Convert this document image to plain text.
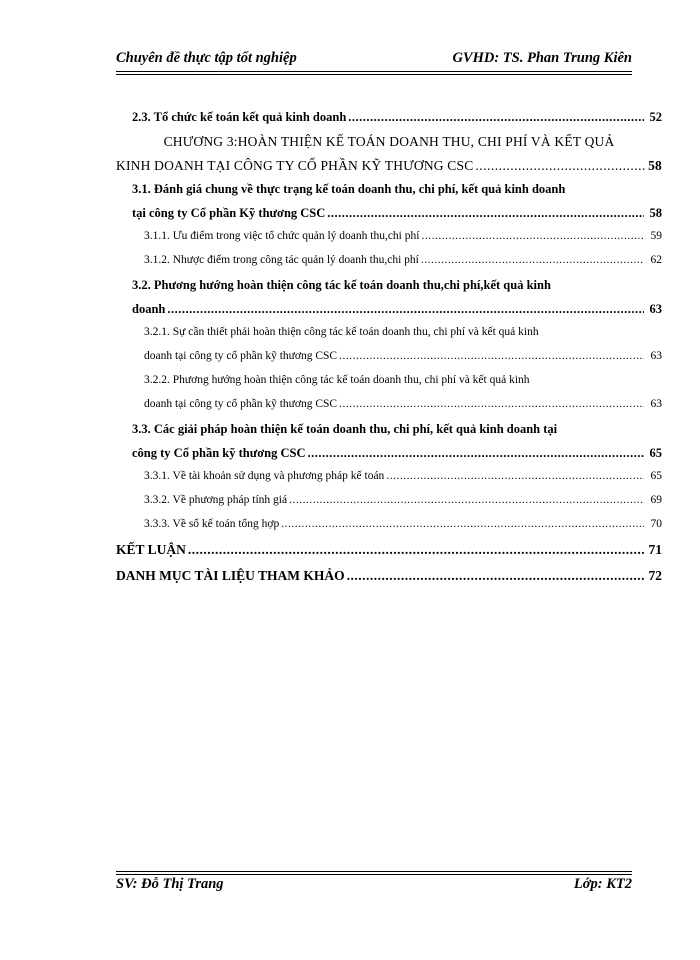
Chuyên đề thực tập tốt nghiệp	GVHD: TS. Phan Trung Kiên
2.3. Tổ chức kế toán kết quả kinh doanh .....	52
CHƯƠNG 3:HOÀN THIỆN KẾ TOÁN DOANH THU, CHI PHÍ VÀ KẾT QUẢ
KINH DOANH TẠI CÔNG TY CỔ PHẦN KỸ THƯƠNG CSC .....	58
3.1. Đánh giá chung về thực trạng kế toán doanh thu, chi phí, kết quả kinh doanh
tại công ty Cổ phần Kỹ thương CSC .....	58
3.1.1. Ưu điểm trong việc tổ chức quản lý doanh thu,chi phí .....	59
3.1.2. Nhược điểm trong công tác quản lý doanh thu,chi phí .....	62
3.2. Phương hướng hoàn thiện công tác kế toán doanh thu,chi phí,kết quả kinh
doanh .....	63
3.2.1. Sự cần thiết phải hoàn thiện công tác kế toán doanh thu, chi phí và kết quả kinh
doanh tại công ty cổ phần kỹ thương CSC .....	63
3.2.2. Phương hướng hoàn thiện công tác kế toán doanh thu, chi phí và kết quả kinh
doanh tại công ty cổ phần kỹ thương CSC .....	63
3.3. Các giải pháp hoàn thiện kế toán doanh thu, chi phí, kết quả kinh doanh tại
công ty Cổ phần kỹ thương CSC .....	65
3.3.1. Về tài khoản sử dụng và phương pháp kế toán .....	65
3.3.2. Về phương pháp tính giá .....	69
3.3.3. Về sổ kế toán tổng hợp .....	70
KẾT LUẬN .....	71
DANH MỤC TÀI LIỆU THAM KHẢO .....	72
SV: Đỗ Thị Trang	Lớp: KT2
